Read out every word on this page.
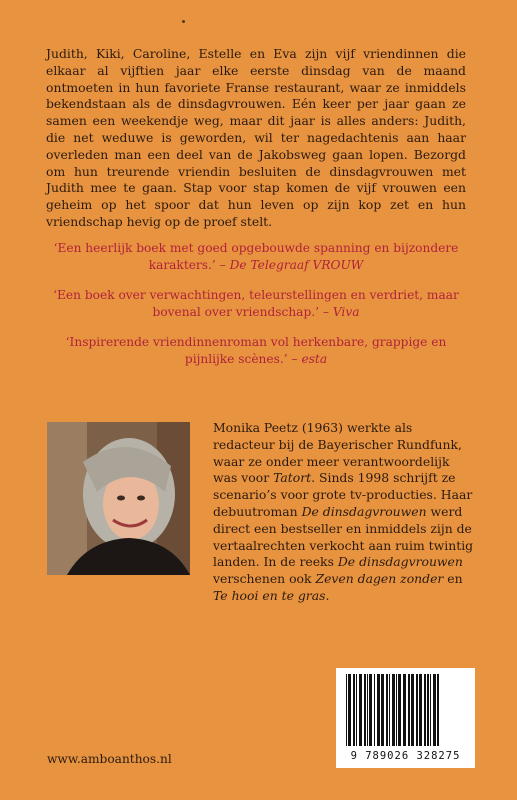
Judith, Kiki, Caroline, Estelle en Eva zijn vijf vriendinnen die elkaar al vijftien jaar elke eerste dinsdag van de maand ontmoeten in hun favoriete Franse restaurant, waar ze inmiddels bekendstaan als de dinsdagvrouwen. Eén keer per jaar gaan ze samen een weekendje weg, maar dit jaar is alles anders: Judith, die net weduwe is geworden, wil ter nagedachtenis aan haar overleden man een deel van de Jakobsweg gaan lopen. Bezorgd om hun treurende vriendin besluiten de dinsdagvrouwen met Judith mee te gaan. Stap voor stap komen de vijf vrouwen een geheim op het spoor dat hun leven op zijn kop zet en hun vriendschap hevig op de proef stelt.

‘Een heerlijk boek met goed opgebouwde spanning en bijzondere karakters.’ – De Telegraaf VROUW

‘Een boek over verwachtingen, teleurstellingen en verdriet, maar bovenal over vriendschap.’ – Viva

‘Inspirerende vriendinnenroman vol herkenbare, grappige en pijnlijke scènes.’ – esta

Monika Peetz (1963) werkte als redacteur bij de Bayerischer Rundfunk, waar ze onder meer verantwoordelijk was voor Tatort. Sinds 1998 schrijft ze scenario’s voor grote tv-producties. Haar debuutroman De dinsdagvrouwen werd direct een bestseller en inmiddels zijn de vertaalrechten verkocht aan ruim twintig landen. In de reeks De dinsdagvrouwen verschenen ook Zeven dagen zonder en Te hooi en te gras.

www.amboanthos.nl	9 789026 328275
